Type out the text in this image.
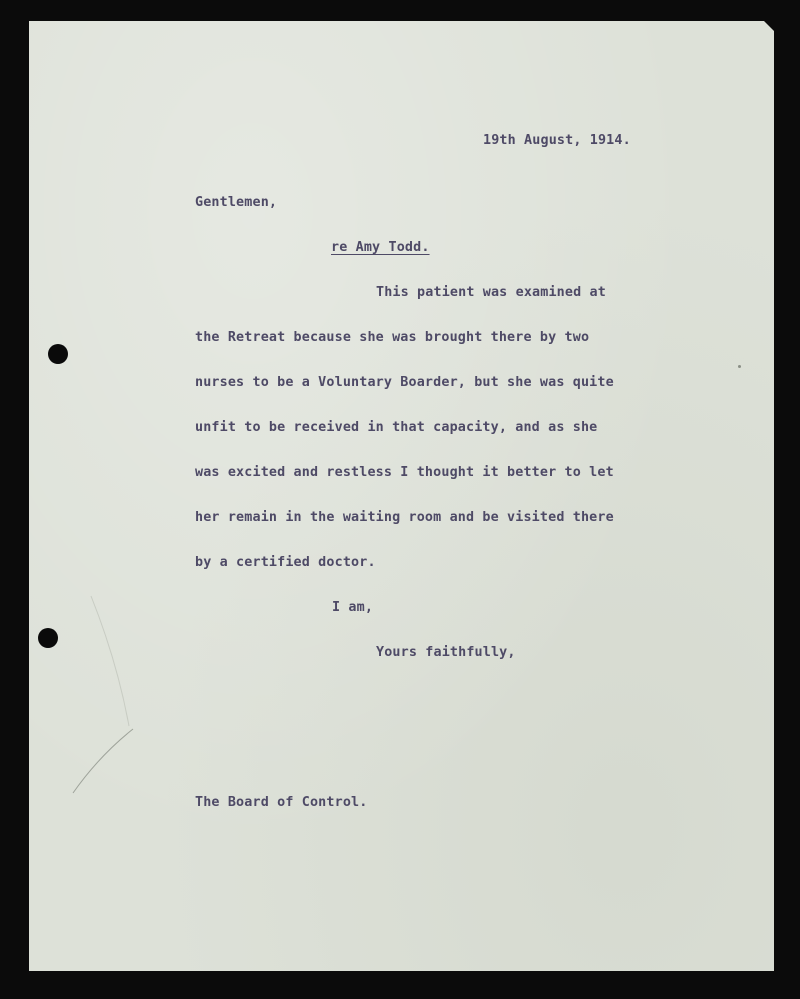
19th August, 1914.

Gentlemen,

re Amy Todd.

This patient was examined at

the Retreat because she was brought there by two

nurses to be a Voluntary Boarder, but she was quite

unfit to be received in that capacity, and as she

was excited and restless I thought it better to let

her remain in the waiting room and be visited there

by a certified doctor.

I am,

Yours faithfully,

The Board of Control.
